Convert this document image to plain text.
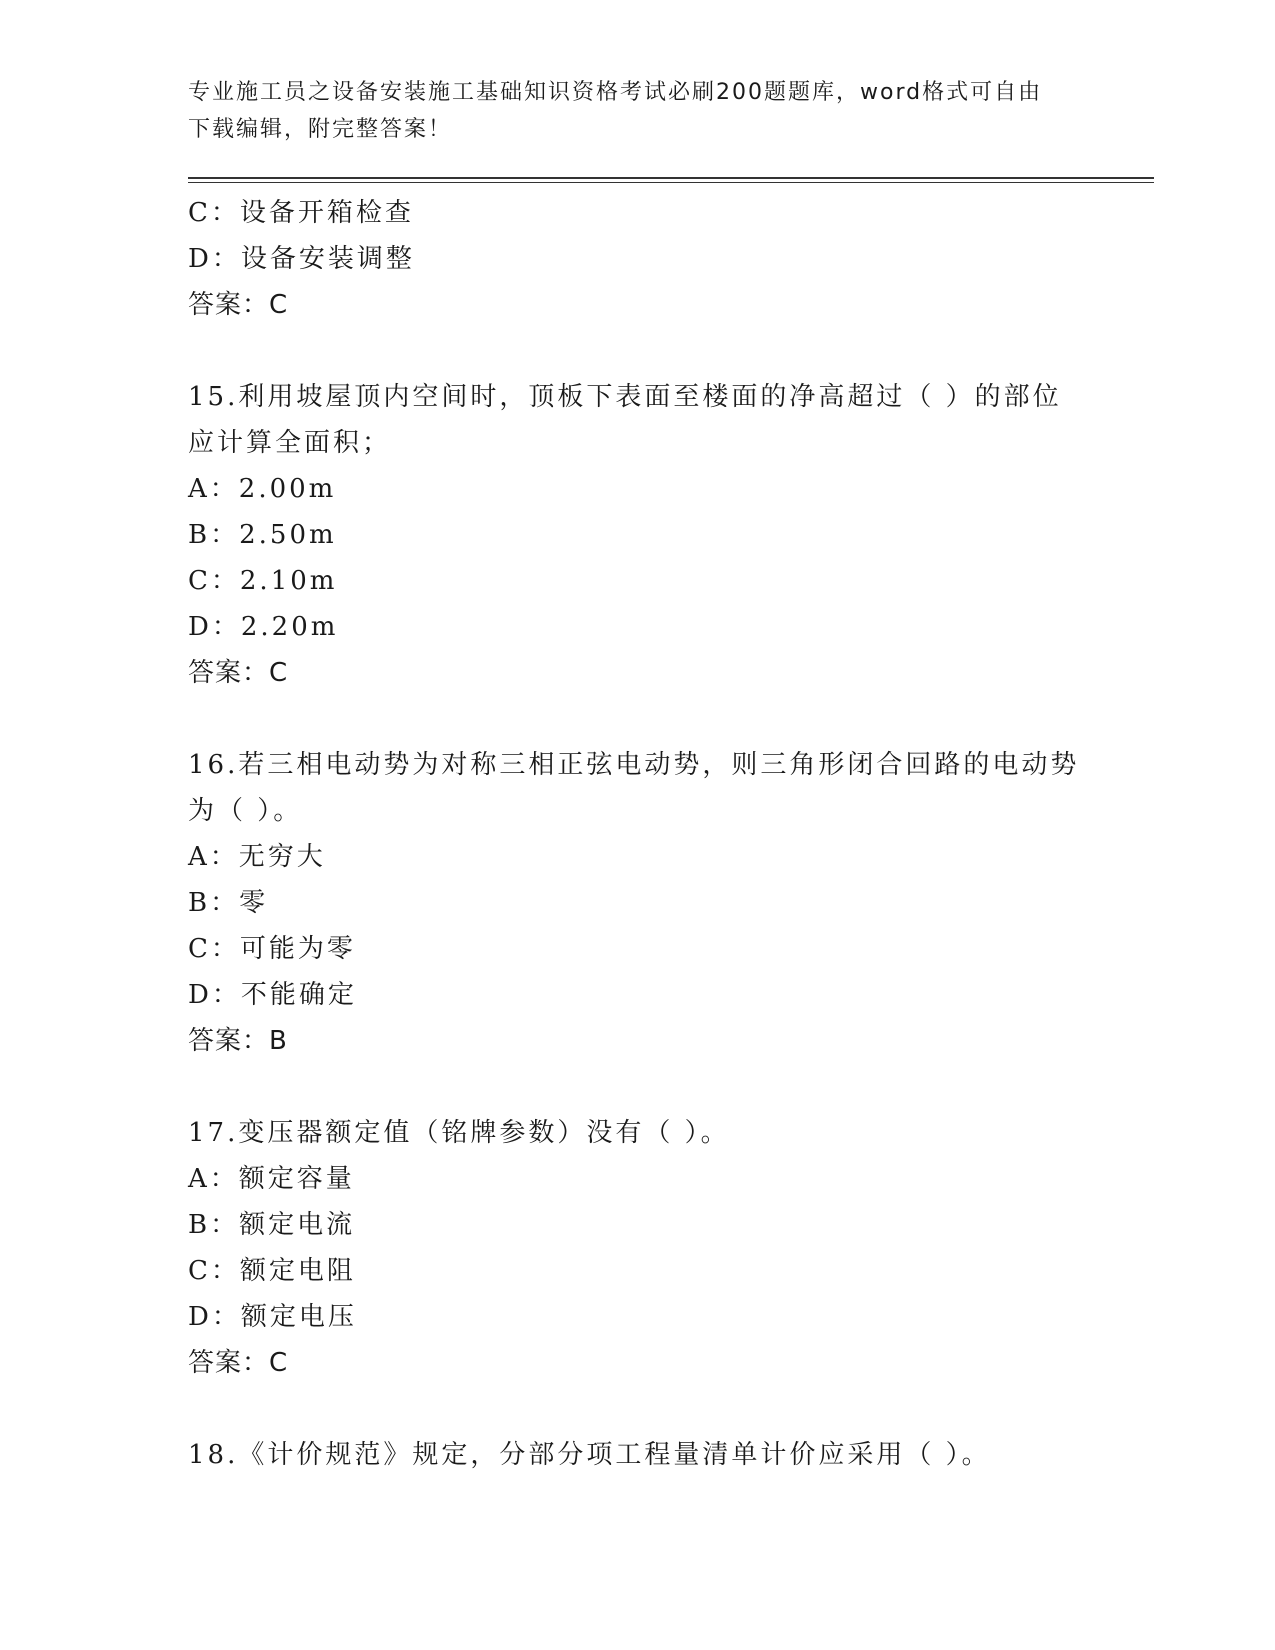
专业施工员之设备安装施工基础知识资格考试必刷200题题库，word格式可自由
下载编辑，附完整答案！
C：设备开箱检查
D：设备安装调整
答案：C
15.利用坡屋顶内空间时，顶板下表面至楼面的净高超过（ ）的部位
应计算全面积；
A：2.00m
B：2.50m
C：2.10m
D：2.20m
答案：C
16.若三相电动势为对称三相正弦电动势，则三角形闭合回路的电动势
为（ ）。
A：无穷大
B：零
C：可能为零
D：不能确定
答案：B
17.变压器额定值（铭牌参数）没有（ ）。
A：额定容量
B：额定电流
C：额定电阻
D：额定电压
答案：C
18.《计价规范》规定，分部分项工程量清单计价应采用（ ）。
